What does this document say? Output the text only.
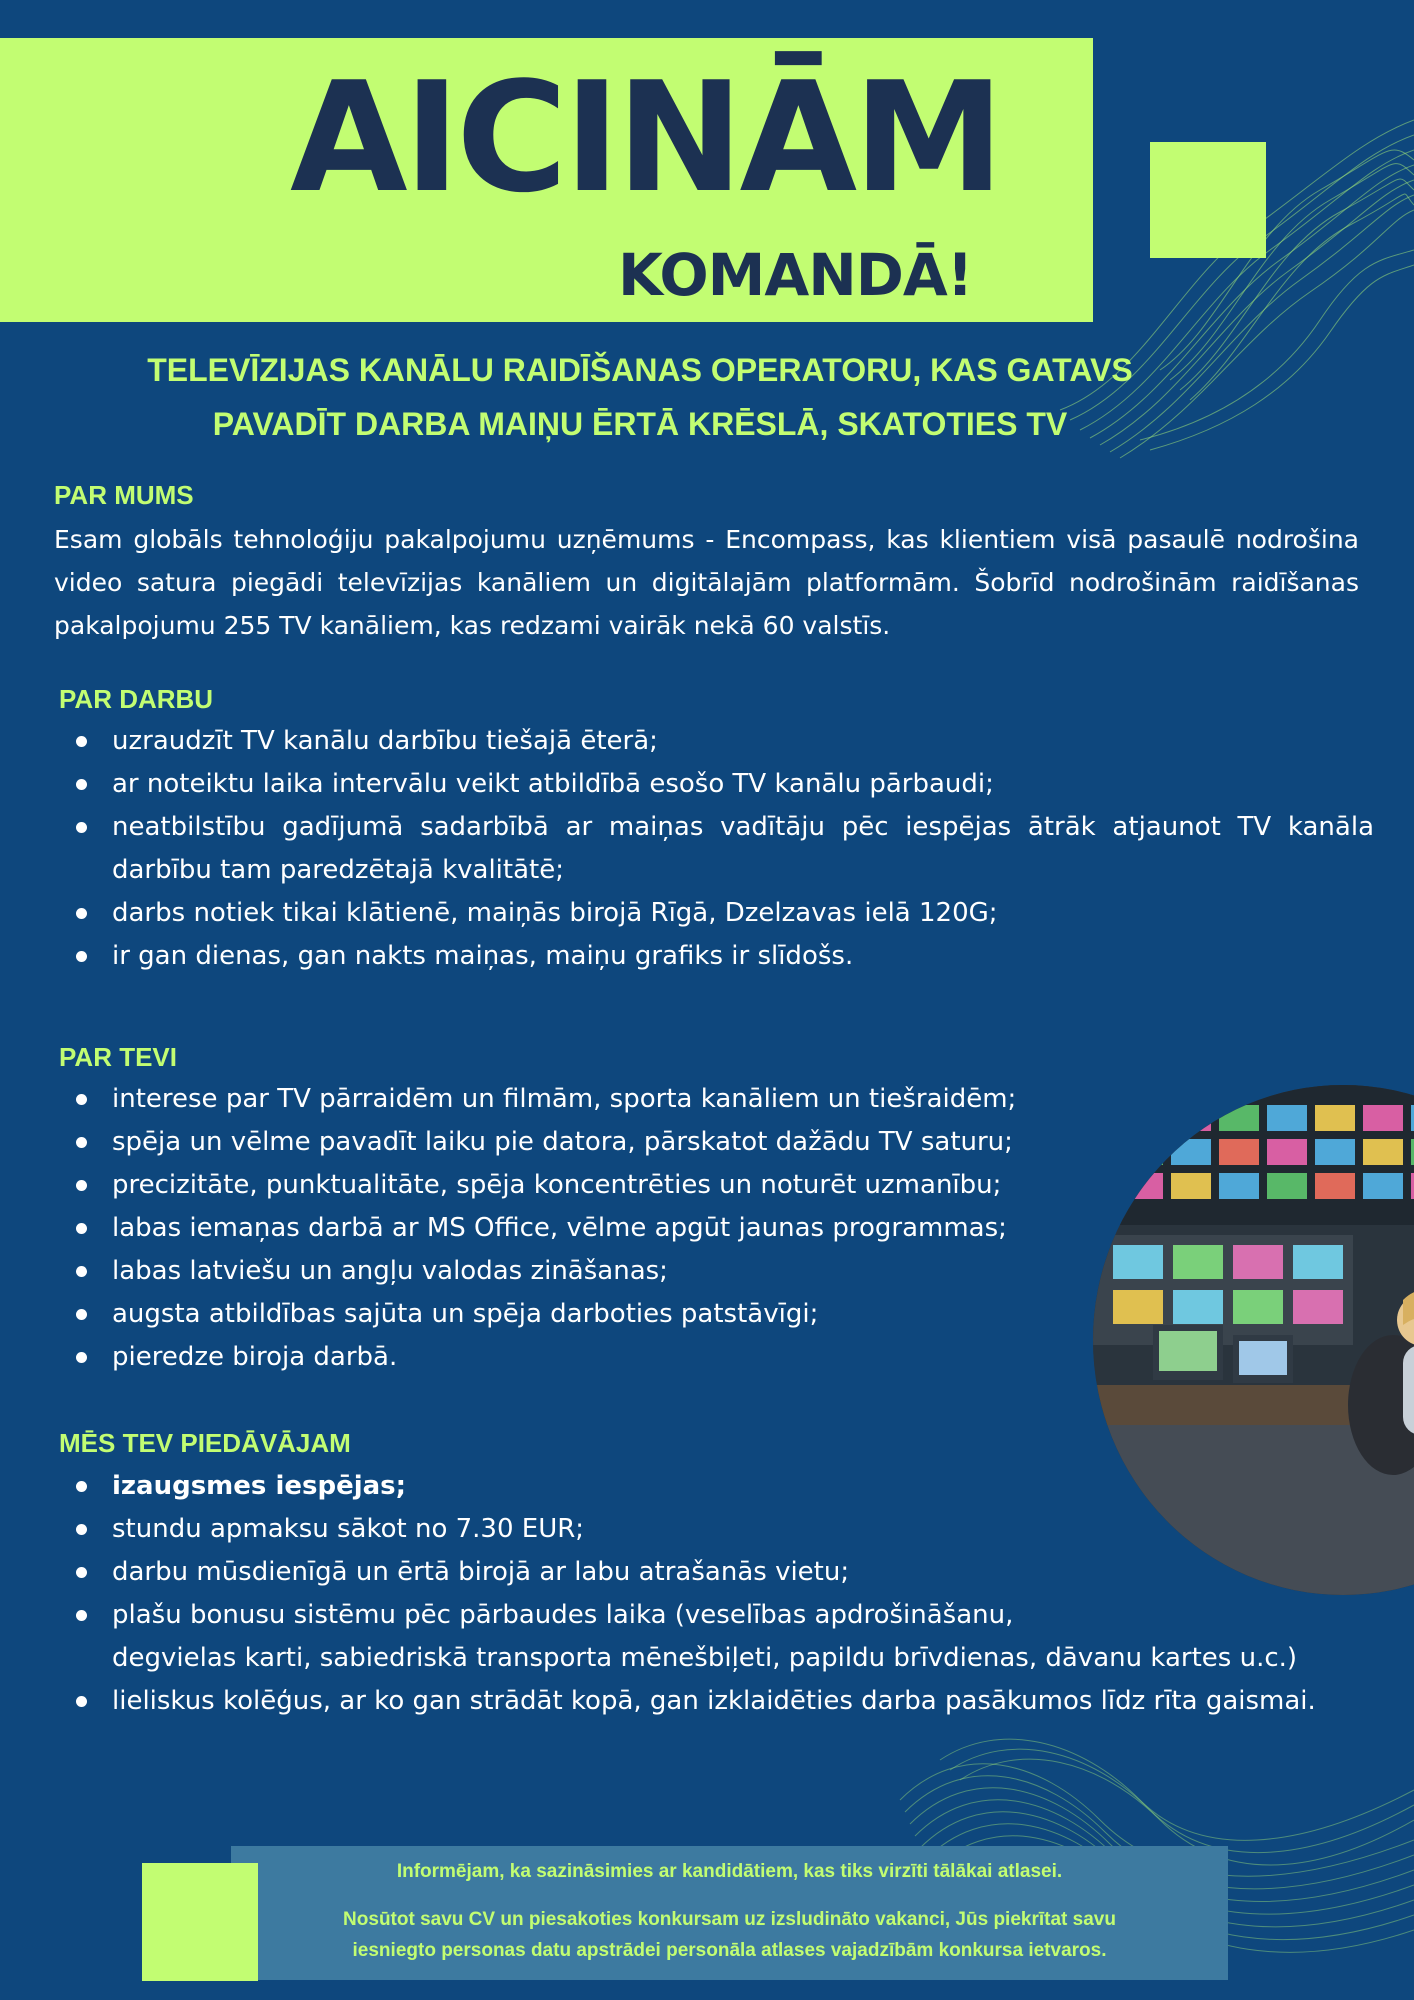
AICINĀM
KOMANDĀ!
TELEVĪZIJAS KANĀLU RAIDĪŠANAS OPERATORU, KAS GATAVS
PAVADĪT DARBA MAIŅU ĒRTĀ KRĒSLĀ, SKATOTIES TV
PAR MUMS
Esam globāls tehnoloģiju pakalpojumu uzņēmums - Encompass, kas klientiem visā pasaulē nodrošina video satura piegādi televīzijas kanāliem un digitālajām platformām. Šobrīd nodrošinām raidīšanas pakalpojumu 255 TV kanāliem, kas redzami vairāk nekā 60 valstīs.
PAR DARBU
uzraudzīt TV kanālu darbību tiešajā ēterā;
ar noteiktu laika intervālu veikt atbildībā esošo TV kanālu pārbaudi;
neatbilstību gadījumā sadarbībā ar maiņas vadītāju pēc iespējas ātrāk atjaunot TV kanāla darbību tam paredzētajā kvalitātē;
darbs notiek tikai klātienē, maiņās birojā Rīgā, Dzelzavas ielā 120G;
ir gan dienas, gan nakts maiņas, maiņu grafiks ir slīdošs.
PAR TEVI
interese par TV pārraidēm un filmām, sporta kanāliem un tiešraidēm;
spēja un vēlme pavadīt laiku pie datora, pārskatot dažādu TV saturu;
precizitāte, punktualitāte, spēja koncentrēties un noturēt uzmanību;
labas iemaņas darbā ar MS Office, vēlme apgūt jaunas programmas;
labas latviešu un angļu valodas zināšanas;
augsta atbildības sajūta un spēja darboties patstāvīgi;
pieredze biroja darbā.
MĒS TEV PIEDĀVĀJAM
izaugsmes iespējas;
stundu apmaksu sākot no 7.30 EUR;
darbu mūsdienīgā un ērtā birojā ar labu atrašanās vietu;
plašu bonusu sistēmu pēc pārbaudes laika (veselības apdrošināšanu,
degvielas karti, sabiedriskā transporta mēnešbiļeti, papildu brīvdienas, dāvanu kartes u.c.)
lieliskus kolēģus, ar ko gan strādāt kopā, gan izklaidēties darba pasākumos līdz rīta gaismai.
Informējam, ka sazināsimies ar kandidātiem, kas tiks virzīti tālākai atlasei.
Nosūtot savu CV un piesakoties konkursam uz izsludināto vakanci, Jūs piekrītat savu
iesniegto personas datu apstrādei personāla atlases vajadzībām konkursa ietvaros.
